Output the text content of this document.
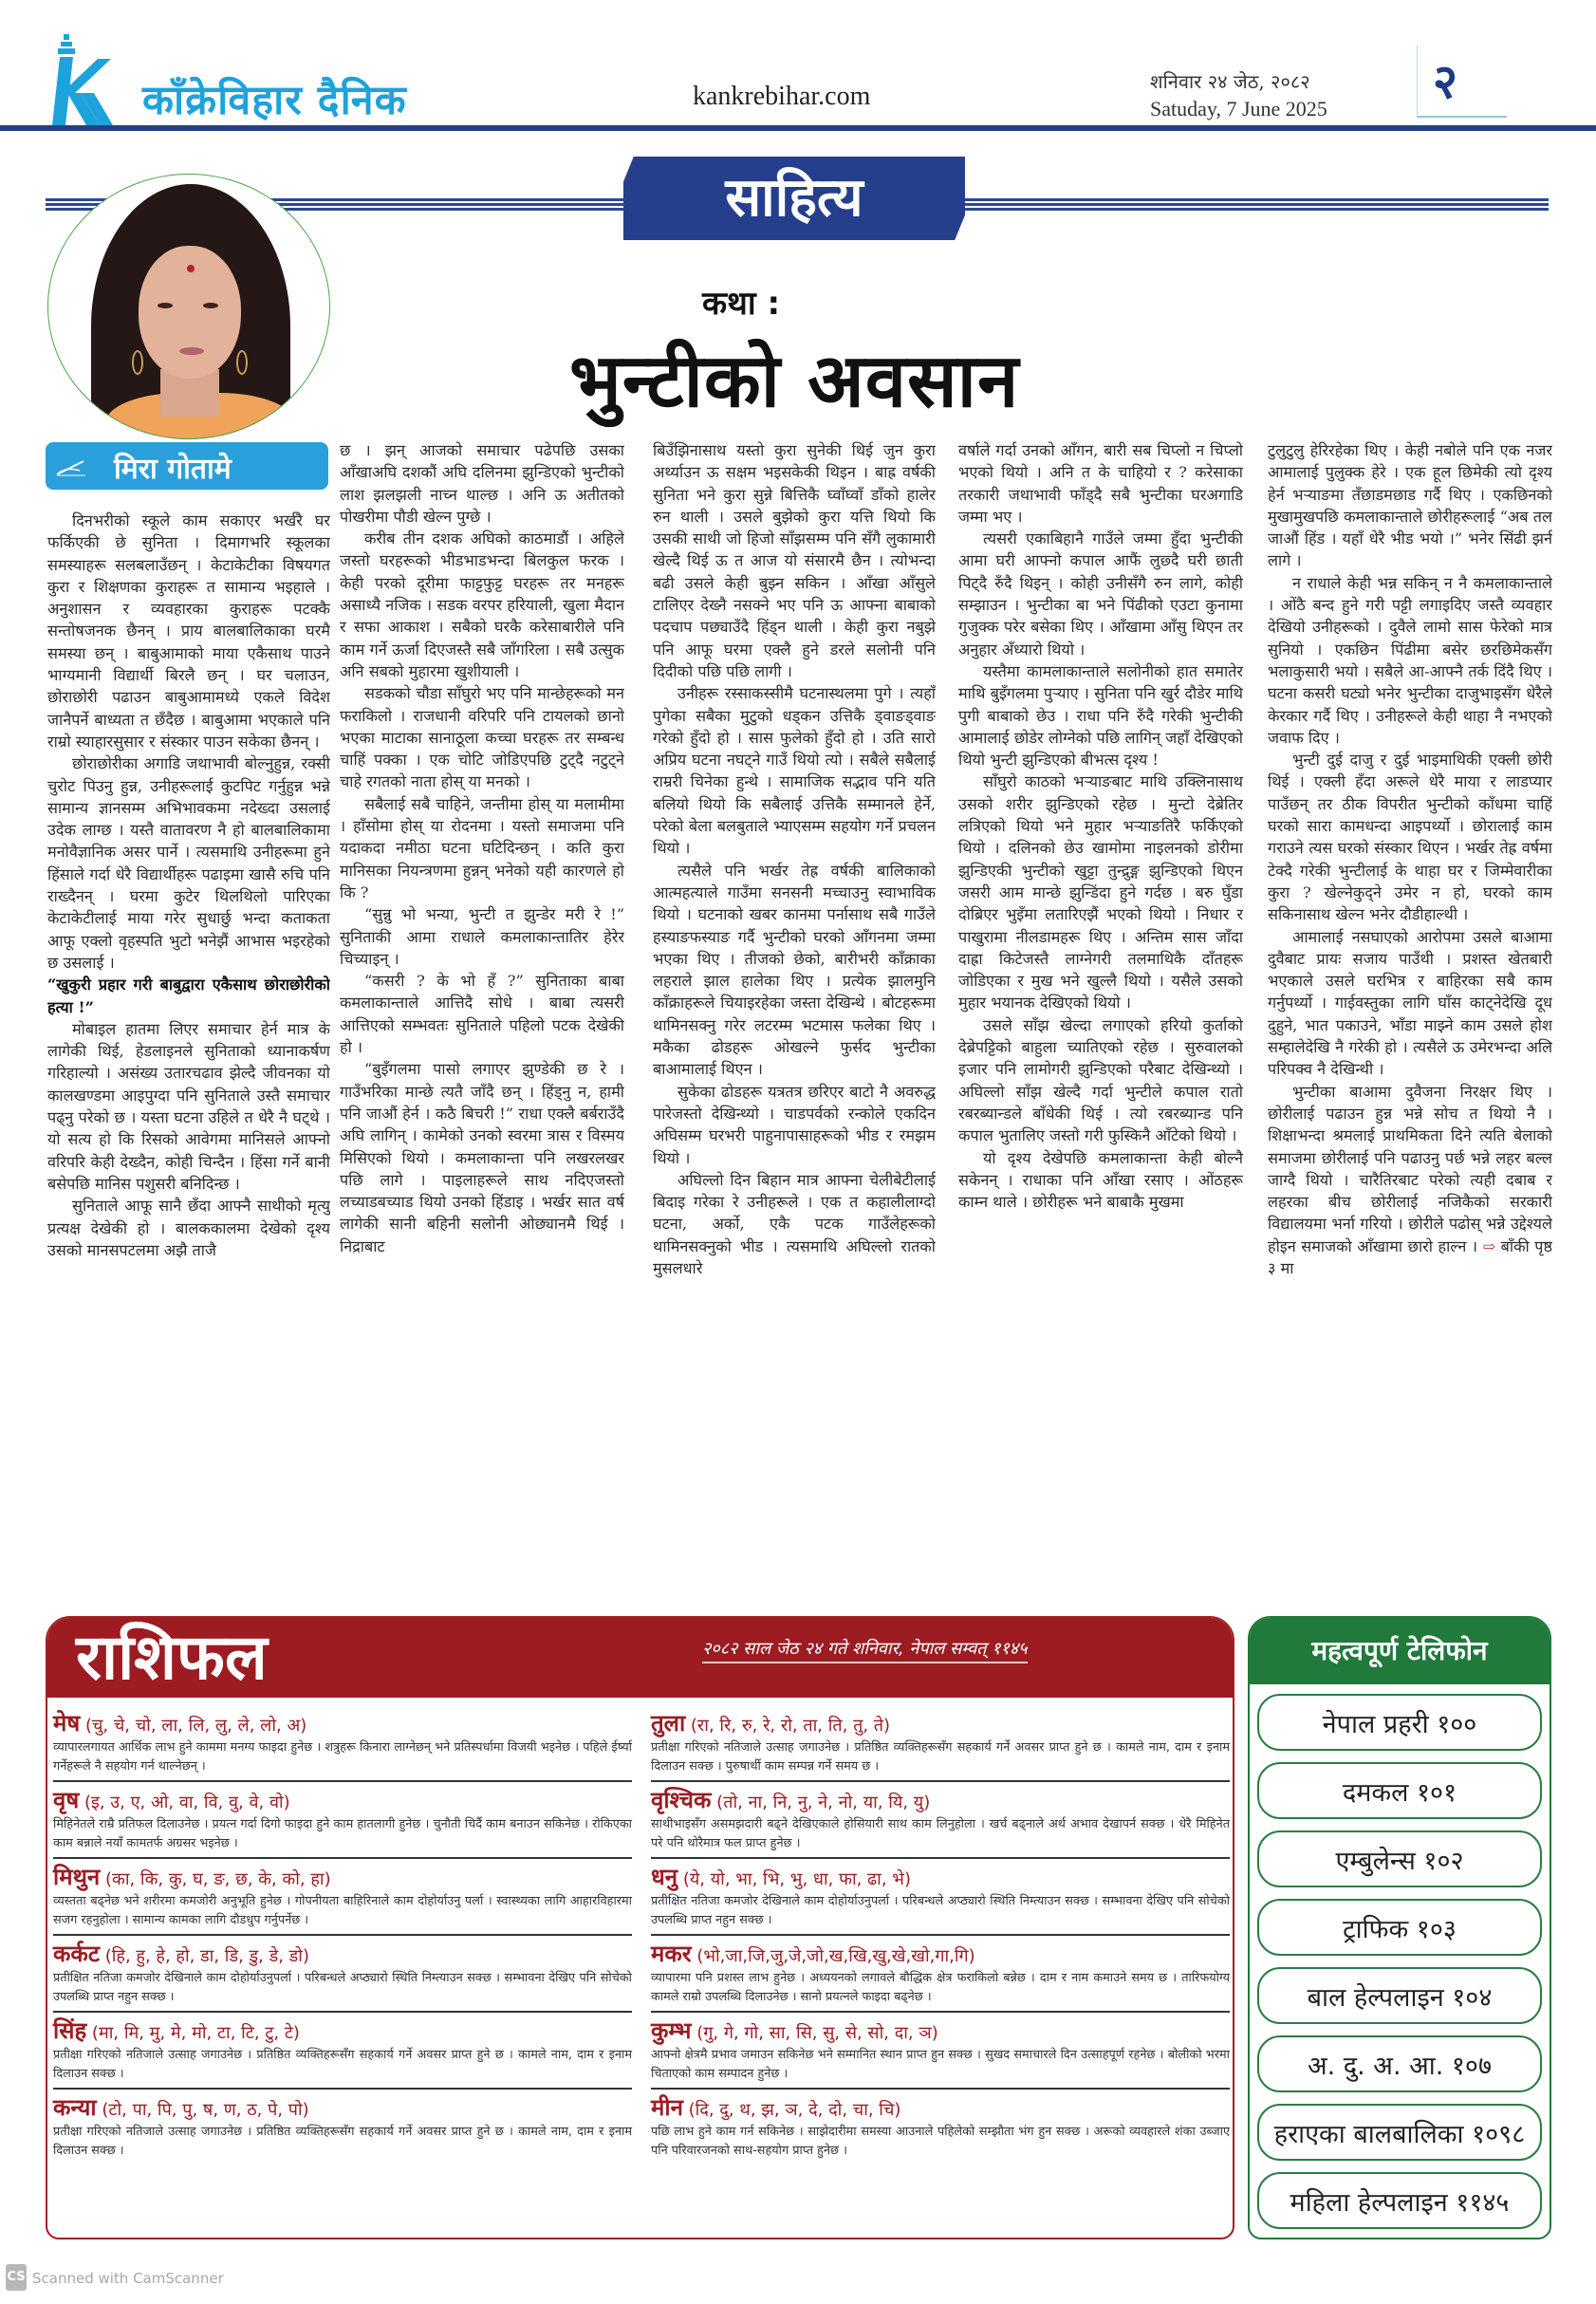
काँक्रेविहार दैनिक	kankrebihar.com	शनिवार २४ जेठ, २०८२
Satuday, 7 June 2025 २
साहित्य
कथा :
भुन्टीको अवसान
मिरा गोतामे

दिनभरीको स्कूले काम सकाएर भर्खरै घर फर्किएकी छे सुनिता । दिमागभरि स्कूलका समस्याहरू सलबलाउँछन् । केटाकेटीका विषयगत कुरा र शिक्षणका कुराहरू त सामान्य भइहाले । अनुशासन र व्यवहारका कुराहरू पटक्कै सन्तोषजनक छैनन् । प्राय बालबालिकाका घरमै समस्या छन् । बाबुआमाको माया एकैसाथ पाउने भाग्यमानी विद्यार्थी बिरलै छन् । घर चलाउन, छोराछोरी पढाउन बाबुआमामध्ये एकले विदेश जानैपर्ने बाध्यता त छँदैछ । बाबुआमा भएकाले पनि राम्रो स्याहारसुसार र संस्कार पाउन सकेका छैनन् ।

छोराछोरीका अगाडि जथाभावी बोल्नुहुन्न, रक्सी चुरोट पिउनु हुन्न, उनीहरूलाई कुटपिट गर्नुहुन्न भन्ने सामान्य ज्ञानसम्म अभिभावकमा नदेख्दा उसलाई उदेक लाग्छ । यस्तै वातावरण नै हो बालबालिकामा मनोवैज्ञानिक असर पार्ने । त्यसमाथि उनीहरूमा हुने हिंसाले गर्दा धेरै विद्यार्थीहरू पढाइमा खासै रुचि पनि राख्दैनन् । घरमा कुटेर थिलथिलो पारिएका केटाकेटीलाई माया गरेर सुधार्छु भन्दा कताकता आफू एक्लो वृहस्पति भुटो भनेझैं आभास भइरहेको छ उसलाई ।

“खुकुरी प्रहार गरी बाबुद्वारा एकैसाथ छोराछोरीको हत्या !”

मोबाइल हातमा लिएर समाचार हेर्न मात्र के लागेकी थिई, हेडलाइनले सुनिताको ध्यानाकर्षण गरिहाल्यो । असंख्य उतारचढाव झेल्दै जीवनका यो कालखण्डमा आइपुग्दा पनि सुनिताले उस्तै समाचार पढ्नु परेको छ । यस्ता घटना उहिले त धेरै नै घट्थे । यो सत्य हो कि रिसको आवेगमा मानिसले आफ्नो वरिपरि केही देख्दैन, कोही चिन्दैन । हिंसा गर्ने बानी बसेपछि मानिस पशुसरी बनिदिन्छ ।

सुनिताले आफू सानै छँदा आफ्नै साथीको मृत्यु प्रत्यक्ष देखेकी हो । बालककालमा देखेको दृश्य उसको मानसपटलमा अझै ताजै

छ । झन् आजको समाचार पढेपछि उसका आँखाअघि दशकौं अघि दलिनमा झुन्डिएको भुन्टीको लाश झलझली नाच्न थाल्छ । अनि ऊ अतीतको पोखरीमा पौडी खेल्न पुग्छे ।

करीब तीन दशक अघिको काठमाडौं । अहिले जस्तो घरहरूको भीडभाडभन्दा बिलकुल फरक । केही परको दूरीमा फाट्टफुट्ट घरहरू तर मनहरू असाध्यै नजिक । सडक वरपर हरियाली, खुला मैदान र सफा आकाश । सबैको घरकै करेसाबारीले पनि काम गर्ने ऊर्जा दिएजस्तै सबै जाँगरिला । सबै उत्सुक अनि सबको मुहारमा खुशीयाली ।

सडकको चौडा साँघुरो भए पनि मान्छेहरूको मन फराकिलो । राजधानी वरिपरि पनि टायलको छानो भएका माटाका सानाठूला कच्चा घरहरू तर सम्बन्ध चाहिं पक्का । एक चोटि जोडिएपछि टुट्दै नटुट्ने चाहे रगतको नाता होस् या मनको ।

सबैलाई सबै चाहिने, जन्तीमा होस् या मलामीमा । हाँसोमा होस् या रोदनमा । यस्तो समाजमा पनि यदाकदा नमीठा घटना घटिदिन्छन् । कति कुरा मानिसका नियन्त्रणमा हुन्नन् भनेको यही कारणले हो कि ?

“सुन्नु भो भन्या, भुन्टी त झुन्डेर मरी रे !” सुनिताकी आमा राधाले कमलाकान्तातिर हेरेर चिच्याइन् ।

“कसरी ? के भो हँ ?” सुनिताका बाबा कमलाकान्ताले आत्तिदै सोधे । बाबा त्यसरी आत्तिएको सम्भवतः सुनिताले पहिलो पटक देखेकी हो ।

“बुइँगलमा पासो लगाएर झुण्डेकी छ रे । गाउँभरिका मान्छे त्यतै जाँदै छन् । हिंड्नु न, हामी पनि जाऔं हेर्न । कठै बिचरी !” राधा एक्लै बर्बराउँदै अघि लागिन् । कामेको उनको स्वरमा त्रास र विस्मय मिसिएको थियो । कमलाकान्ता पनि लखरलखर पछि लागे । पाइलाहरूले साथ नदिएजस्तो लच्याडबच्याड थियो उनको हिंडाइ । भर्खर सात वर्ष लागेकी सानी बहिनी सलोनी ओछ्यानमै थिई । निद्राबाट

बिउँझिनासाथ यस्तो कुरा सुनेकी थिई जुन कुरा अर्थ्याउन ऊ सक्षम भइसकेकी थिइन । बाह्र वर्षकी सुनिता भने कुरा सुन्ने बित्तिकै घ्वाँघ्वाँ डाँको हालेर रुन थाली । उसले बुझेको कुरा यत्ति थियो कि उसकी साथी जो हिजो साँझसम्म पनि सँगै लुकामारी खेल्दै थिई ऊ त आज यो संसारमै छैन । त्योभन्दा बढी उसले केही बुझ्न सकिन । आँखा आँसुले टालिएर देख्नै नसक्ने भए पनि ऊ आफ्ना बाबाको पदचाप पछ्याउँदै हिंड्न थाली । केही कुरा नबुझे पनि आफू घरमा एक्लै हुने डरले सलोनी पनि दिदीको पछि पछि लागी ।

उनीहरू रस्साकस्सीमै घटनास्थलमा पुगे । त्यहाँ पुगेका सबैका मुटुको धड्कन उत्तिकै ड्वाङड्वाङ गरेको हुँदो हो । सास फुलेको हुँदो हो । उति सारो अप्रिय घटना नघट्ने गाउँ थियो त्यो । सबैले सबैलाई राम्ररी चिनेका हुन्थे । सामाजिक सद्भाव पनि यति बलियो थियो कि सबैलाई उत्तिकै सम्मानले हेर्ने, परेको बेला बलबुताले भ्याएसम्म सहयोग गर्ने प्रचलन थियो ।

त्यसैले पनि भर्खर तेह्र वर्षकी बालिकाको आत्महत्याले गाउँमा सनसनी मच्चाउनु स्वाभाविक थियो । घटनाको खबर कानमा पर्नासाथ सबै गाउँले हस्याङफस्याङ गर्दै भुन्टीको घरको आँगनमा जम्मा भएका थिए । तीजको छेको, बारीभरी काँक्राका लहराले झाल हालेका थिए । प्रत्येक झालमुनि काँक्राहरूले चियाइरहेका जस्ता देखिन्थे । बोटहरूमा थामिनसक्नु गरेर लटरम्म भटमास फलेका थिए । मकैका ढोडहरू ओखल्ने फुर्सद भुन्टीका बाआमालाई थिएन ।

सुकेका ढोडहरू यत्रतत्र छरिएर बाटो नै अवरुद्ध पारेजस्तो देखिन्थ्यो । चाडपर्वको रन्कोले एकदिन अघिसम्म घरभरी पाहुनापासाहरूको भीड र रमझम थियो ।

अघिल्लो दिन बिहान मात्र आफ्ना चेलीबेटीलाई बिदाइ गरेका रे उनीहरूले । एक त कहालीलाग्दो घटना, अर्को, एकै पटक गाउँलेहरूको थामिनसक्नुको भीड । त्यसमाथि अघिल्लो रातको मुसलधारे

वर्षाले गर्दा उनको आँगन, बारी सब चिप्लो न चिप्लो भएको थियो । अनि त के चाहियो र ? करेसाका तरकारी जथाभावी फाँड्दै सबै भुन्टीका घरअगाडि जम्मा भए ।

त्यसरी एकाबिहानै गाउँले जम्मा हुँदा भुन्टीकी आमा घरी आफ्नो कपाल आफैं लुछ्दै घरी छाती पिट्दै रुँदै थिइन् । कोही उनीसँगै रुन लागे, कोही सम्झाउन । भुन्टीका बा भने पिंढीको एउटा कुनामा गुजुक्क परेर बसेका थिए । आँखामा आँसु थिएन तर अनुहार अँध्यारो थियो ।

यस्तैमा कामलाकान्ताले सलोनीको हात समातेर माथि बुइँगलमा पुऱ्याए । सुनिता पनि खुर्र दौडेर माथि पुगी बाबाको छेउ । राधा पनि रुँदै गरेकी भुन्टीकी आमालाई छोडेर लोग्नेको पछि लागिन् जहाँ देखिएको थियो भुन्टी झुन्डिएको बीभत्स दृश्य !

साँघुरो काठको भऱ्याङबाट माथि उक्लिनासाथ उसको शरीर झुन्डिएको रहेछ । मुन्टो देब्रेतिर लत्रिएको थियो भने मुहार भऱ्याङतिरै फर्किएको थियो । दलिनको छेउ खामोमा नाइलनको डोरीमा झुन्डिएकी भुन्टीको खुट्टा तुन्द्रुङ्ग झुन्डिएको थिएन जसरी आम मान्छे झुन्डिंदा हुने गर्दछ । बरु घुँडा दोब्रिएर भुइँमा लतारिएझैं भएको थियो । निधार र पाखुरामा नीलडामहरू थिए । अन्तिम सास जाँदा दाह्रा किटेजस्तै लाग्नेगरी तलमाथिकै दाँतहरू जोडिएका र मुख भने खुल्लै थियो । यसैले उसको मुहार भयानक देखिएको थियो ।

उसले साँझ खेल्दा लगाएको हरियो कुर्ताको देब्रेपट्टिको बाहुला च्यातिएको रहेछ । सुरुवालको इजार पनि लामोगरी झुन्डिएको परैबाट देखिन्थ्यो । अघिल्लो साँझ खेल्दै गर्दा भुन्टीले कपाल रातो रबरब्यान्डले बाँधेकी थिई । त्यो रबरब्यान्ड पनि कपाल भुतालिए जस्तो गरी फुस्किनै आँटेको थियो ।

यो दृश्य देखेपछि कमलाकान्ता केही बोल्नै सकेनन् । राधाका पनि आँखा रसाए । ओंठहरू काम्न थाले । छोरीहरू भने बाबाकै मुखमा

टुलुटुलु हेरिरहेका थिए । केही नबोले पनि एक नजर आमालाई पुलुक्क हेरे । एक हूल छिमेकी त्यो दृश्य हेर्न भऱ्याङमा तँछाडमछाड गर्दै थिए । एकछिनको मुखामुखपछि कमलाकान्ताले छोरीहरूलाई “अब तल जाऔं हिंड । यहाँ धेरै भीड भयो ।” भनेर सिंढी झर्न लागे ।

न राधाले केही भन्न सकिन् न नै कमलाकान्ताले । ओंठै बन्द हुने गरी पट्टी लगाइदिए जस्तै व्यवहार देखियो उनीहरूको । दुवैले लामो सास फेरेको मात्र सुनियो । एकछिन पिंढीमा बसेर छरछिमेकसँग भलाकुसारी भयो । सबैले आ-आफ्नै तर्क दिंदै थिए । घटना कसरी घट्यो भनेर भुन्टीका दाजुभाइसँग धेरैले केरकार गर्दै थिए । उनीहरूले केही थाहा नै नभएको जवाफ दिए ।

भुन्टी दुई दाजु र दुई भाइमाथिकी एक्ली छोरी थिई । एक्ली हँदा अरूले धेरै माया र लाडप्यार पाउँछन् तर ठीक विपरीत भुन्टीको काँधमा चाहिं घरको सारा कामधन्दा आइपर्थ्यो । छोरालाई काम गराउने त्यस घरको संस्कार थिएन । भर्खर तेह्र वर्षमा टेक्दै गरेकी भुन्टीलाई के थाहा घर र जिम्मेवारीका कुरा ? खेल्नेकुद्ने उमेर न हो, घरको काम सकिनासाथ खेल्न भनेर दौडीहाल्थी ।

आमालाई नसघाएको आरोपमा उसले बाआमा दुवैबाट प्रायः सजाय पाउँथी । प्रशस्त खेतबारी भएकाले उसले घरभित्र र बाहिरका सबै काम गर्नुपर्थ्यो । गाईवस्तुका लागि घाँस काट्नेदेखि दूध दुहुने, भात पकाउने, भाँडा माझ्ने काम उसले होश सम्हालेदेखि नै गरेकी हो । त्यसैले ऊ उमेरभन्दा अलि परिपक्व नै देखिन्थी ।

भुन्टीका बाआमा दुवैजना निरक्षर थिए । छोरीलाई पढाउन हुन्न भन्ने सोच त थियो नै । शिक्षाभन्दा श्रमलाई प्राथमिकता दिने त्यति बेलाको समाजमा छोरीलाई पनि पढाउनु पर्छ भन्ने लहर बल्ल जाग्दै थियो । चारैतिरबाट परेको त्यही दबाब र लहरका बीच छोरीलाई नजिकैको सरकारी विद्यालयमा भर्ना गरियो । छोरीले पढोस् भन्ने उद्देश्यले होइन समाजको आँखामा छारो हाल्न । ⇨ बाँकी पृष्ठ ३ मा

राशिफल	२०८२ साल जेठ २४ गते शनिवार, नेपाल सम्वत् ११४५
मेष (चु, चे, चो, ला, लि, लु, ले, लो, अ)
व्यापारलगायत आर्थिक लाभ हुने काममा मनग्य फाइदा हुनेछ । शत्रुहरू किनारा लाग्नेछन् भने प्रतिस्पर्धामा विजयी भइनेछ । पहिले ईर्ष्या गर्नेहरूले नै सहयोग गर्न थाल्नेछन् ।
वृष (इ, उ, ए, ओ, वा, वि, वु, वे, वो)
मिहिनेतले राम्रै प्रतिफल दिलाउनेछ । प्रयत्न गर्दा दिगो फाइदा हुने काम हातलागी हुनेछ । चुनौती चिर्दै काम बनाउन सकिनेछ । रोकिएका काम बन्नाले नयाँ कामतर्फ अग्रसर भइनेछ ।
मिथुन (का, कि, कु, घ, ङ, छ, के, को, हा)
व्यस्तता बढ्नेछ भने शरीरमा कमजोरी अनुभूति हुनेछ । गोपनीयता बाहिरिनाले काम दोहोर्याउनु पर्ला । स्वास्थ्यका लागि आहारविहारमा सजग रहनुहोला । सामान्य कामका लागि दौडधुप गर्नुपर्नेछ ।
कर्कट (हि, हु, हे, हो, डा, डि, डु, डे, डो)
प्रतीक्षित नतिजा कमजोर देखिनाले काम दोहोर्याउनुपर्ला । परिबन्धले अप्ठ्यारो स्थिति निम्त्याउन सक्छ । सम्भावना देखिए पनि सोचेको उपलब्धि प्राप्त नहुन सक्छ ।
सिंह (मा, मि, मु, मे, मो, टा, टि, टु, टे)
प्रतीक्षा गरिएको नतिजाले उत्साह जगाउनेछ । प्रतिष्ठित व्यक्तिहरूसँग सहकार्य गर्ने अवसर प्राप्त हुने छ । कामले नाम, दाम र इनाम दिलाउन सक्छ ।
कन्या (टो, पा, पि, पु, ष, ण, ठ, पे, पो)
प्रतीक्षा गरिएको नतिजाले उत्साह जगाउनेछ । प्रतिष्ठित व्यक्तिहरूसँग सहकार्य गर्ने अवसर प्राप्त हुने छ । कामले नाम, दाम र इनाम दिलाउन सक्छ ।
तुला (रा, रि, रु, रे, रो, ता, ति, तु, ते)
प्रतीक्षा गरिएको नतिजाले उत्साह जगाउनेछ । प्रतिष्ठित व्यक्तिहरूसँग सहकार्य गर्ने अवसर प्राप्त हुने छ । कामले नाम, दाम र इनाम दिलाउन सक्छ । पुरुषार्थी काम सम्पन्न गर्ने समय छ ।
वृश्चिक (तो, ना, नि, नु, ने, नो, या, यि, यु)
साथीभाइसँग असमझदारी बढ्ने देखिएकाले होसियारी साथ काम लिनुहोला । खर्च बढ्नाले अर्थ अभाव देखापर्न सक्छ । धेरै मिहिनेत परे पनि थोरैमात्र फल प्राप्त हुनेछ ।
धनु (ये, यो, भा, भि, भु, धा, फा, ढा, भे)
प्रतीक्षित नतिजा कमजोर देखिनाले काम दोहोर्याउनुपर्ला । परिबन्धले अप्ठ्यारो स्थिति निम्त्याउन सक्छ । सम्भावना देखिए पनि सोचेको उपलब्धि प्राप्त नहुन सक्छ ।
मकर (भो,जा,जि,जु,जे,जो,ख,खि,खु,खे,खो,गा,गि)
व्यापारमा पनि प्रशस्त लाभ हुनेछ । अध्ययनको लगावले बौद्धिक क्षेत्र फराकिलो बन्नेछ । दाम र नाम कमाउने समय छ । तारिफयोग्य कामले राम्रो उपलब्धि दिलाउनेछ । सानो प्रयत्नले फाइदा बढ्नेछ ।
कुम्भ (गु, गे, गो, सा, सि, सु, से, सो, दा, ञ)
आफ्नो क्षेत्रमै प्रभाव जमाउन सकिनेछ भने सम्मानित स्थान प्राप्त हुन सक्छ । सुखद समाचारले दिन उत्साहपूर्ण रहनेछ । बोलीको भरमा चिताएको काम सम्पादन हुनेछ ।
मीन (दि, दु, थ, झ, ञ, दे, दो, चा, चि)
पछि लाभ हुने काम गर्न सकिनेछ । साझेदारीमा समस्या आउनाले पहिलेको सम्झौता भंग हुन सक्छ । अरूको व्यवहारले शंका उब्जाए पनि परिवारजनको साथ-सहयोग प्राप्त हुनेछ ।
महत्वपूर्ण टेलिफोन
नेपाल प्रहरी १००
दमकल १०१
एम्बुलेन्स १०२
ट्राफिक १०३
बाल हेल्पलाइन १०४
अ. दु. अ. आ. १०७
हराएका बालबालिका १०९८
महिला हेल्पलाइन ११४५
CS Scanned with CamScanner
